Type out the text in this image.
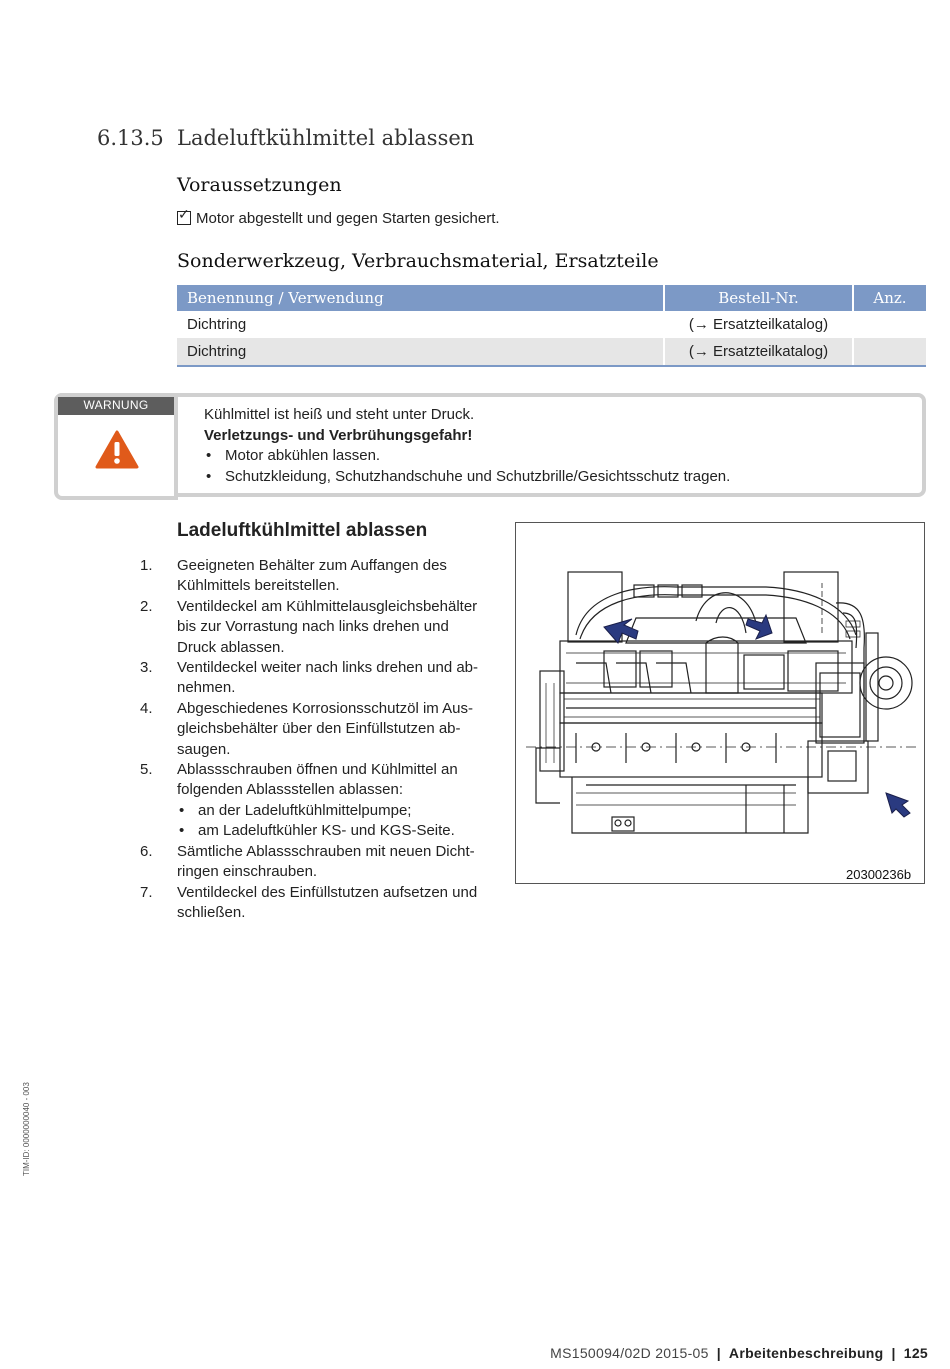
6.13.5 Ladeluftkühlmittel ablassen
Voraussetzungen
✓Motor abgestellt und gegen Starten gesichert.
Sonderwerkzeug, Verbrauchsmaterial, Ersatzteile
Benennung / Verwendung	Bestell-Nr.	Anz.
Dichtring	(→ Ersatzteilkatalog)	
Dichtring	(→ Ersatzteilkatalog)	
WARNUNG
Kühlmittel ist heiß und steht unter Druck.
Verletzungs- und Verbrühungsgefahr!
• Motor abkühlen lassen.
• Schutzkleidung, Schutzhandschuhe und Schutzbrille/Gesichtsschutz tragen.
Ladeluftkühlmittel ablassen
1.	Geeigneten Behälter zum Auffangen des
Kühlmittels bereitstellen.
2.	Ventildeckel am Kühlmittelausgleichsbehälter
bis zur Vorrastung nach links drehen und
Druck ablassen.
3.	Ventildeckel weiter nach links drehen und ab-
nehmen.
4.	Abgeschiedenes Korrosionsschutzöl im Aus-
gleichsbehälter über den Einfüllstutzen ab-
saugen.
5.	Ablassschrauben öffnen und Kühlmittel an
folgenden Ablassstellen ablassen:
• an der Ladeluftkühlmittelpumpe;
• am Ladeluftkühler KS- und KGS-Seite.
6.	Sämtliche Ablassschrauben mit neuen Dicht-
ringen einschrauben.
7.	Ventildeckel des Einfüllstutzen aufsetzen und
schließen.
20300236b
TIM-ID: 0000000040 - 003
MS150094/02D 2015-05 | Arbeitenbeschreibung | 125
